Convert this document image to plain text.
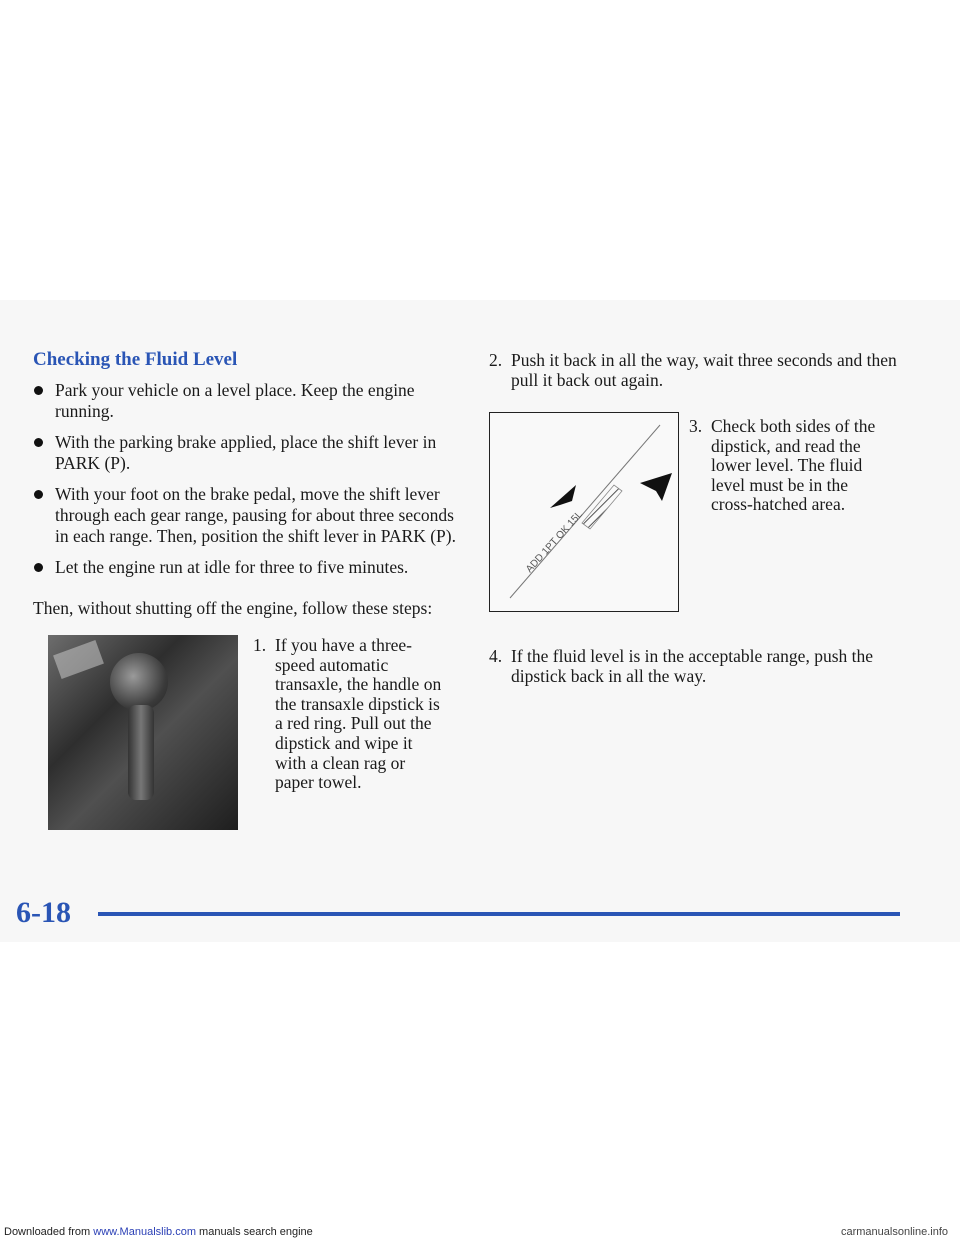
Checking the Fluid Level
Park your vehicle on a level place. Keep the engine running.
With the parking brake applied, place the shift lever in PARK (P).
With your foot on the brake pedal, move the shift lever through each gear range, pausing for about three seconds in each range. Then, position the shift lever in PARK (P).
Let the engine run at idle for three to five minutes.
Then, without shutting off the engine, follow these steps:
1. If you have a three-speed automatic transaxle, the handle on the transaxle dipstick is a red ring. Pull out the dipstick and wipe it with a clean rag or paper towel.
2. Push it back in all the way, wait three seconds and then pull it back out again.
ADD 1PT OK 15L
3. Check both sides of the dipstick, and read the lower level. The fluid level must be in the cross-hatched area.
4. If the fluid level is in the acceptable range, push the dipstick back in all the way.
6-18
Downloaded from www.Manualslib.com manuals search engine	carmanualsonline.info
